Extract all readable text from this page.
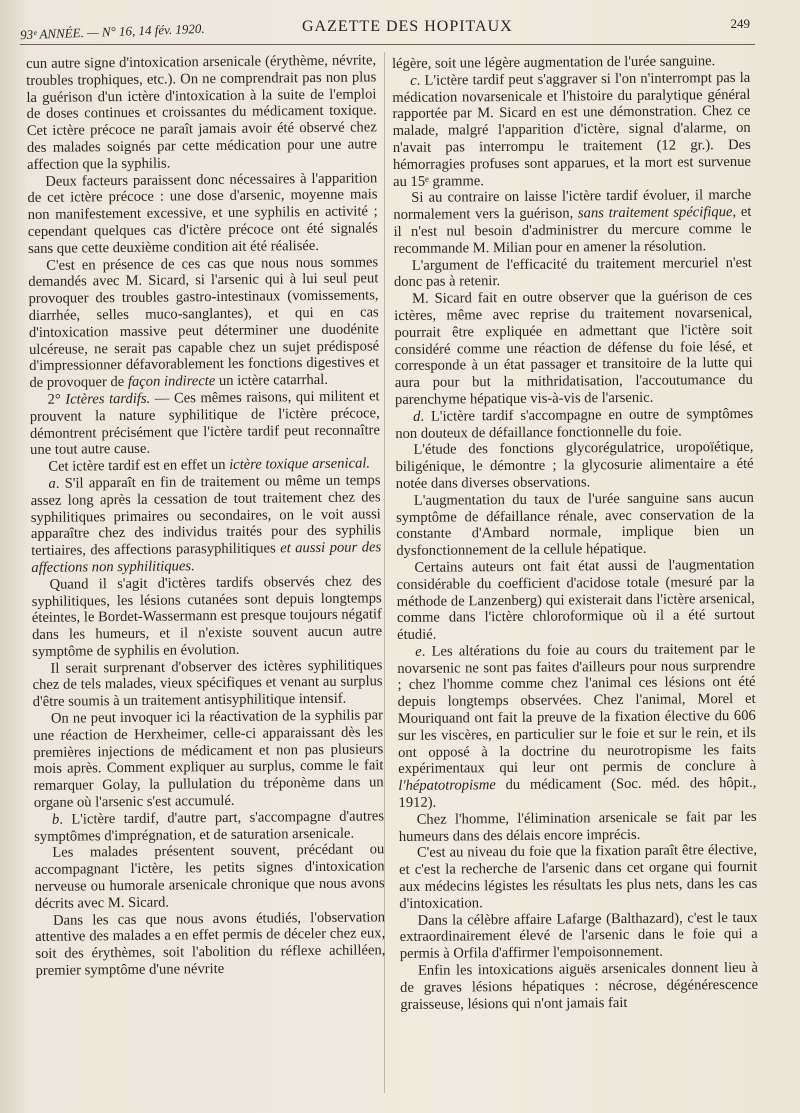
93ᵉ ANNÉE. — N° 16, 14 fév. 1920.	GAZETTE DES HOPITAUX	249

cun autre signe d'intoxication arsenicale (érythème, névrite, troubles trophiques, etc.). On ne comprendrait pas non plus la guérison d'un ictère d'intoxication à la suite de l'emploi de doses continues et croissantes du médicament toxique. Cet ictère précoce ne paraît jamais avoir été observé chez des malades soignés par cette médication pour une autre affection que la syphilis.

Deux facteurs paraissent donc nécessaires à l'apparition de cet ictère précoce : une dose d'arsenic, moyenne mais non manifestement excessive, et une syphilis en activité ; cependant quelques cas d'ictère précoce ont été signalés sans que cette deuxième condition ait été réalisée.

C'est en présence de ces cas que nous nous sommes demandés avec M. Sicard, si l'arsenic qui à lui seul peut provoquer des troubles gastro-intestinaux (vomissements, diarrhée, selles muco-sanglantes), et qui en cas d'intoxication massive peut déterminer une duodénite ulcéreuse, ne serait pas capable chez un sujet prédisposé d'impressionner défavorablement les fonctions digestives et de provoquer de façon indirecte un ictère catarrhal.

2° Ictères tardifs. — Ces mêmes raisons, qui militent et prouvent la nature syphilitique de l'ictère précoce, démontrent précisément que l'ictère tardif peut reconnaître une tout autre cause.

Cet ictère tardif est en effet un ictère toxique arsenical.

a. S'il apparaît en fin de traitement ou même un temps assez long après la cessation de tout traitement chez des syphilitiques primaires ou secondaires, on le voit aussi apparaître chez des individus traités pour des syphilis tertiaires, des affections parasyphilitiques et aussi pour des affections non syphilitiques.

Quand il s'agit d'ictères tardifs observés chez des syphilitiques, les lésions cutanées sont depuis longtemps éteintes, le Bordet-Wassermann est presque toujours négatif dans les humeurs, et il n'existe souvent aucun autre symptôme de syphilis en évolution.

Il serait surprenant d'observer des ictères syphilitiques chez de tels malades, vieux spécifiques et venant au surplus d'être soumis à un traitement antisyphilitique intensif.

On ne peut invoquer ici la réactivation de la syphilis par une réaction de Herxheimer, celle-ci apparaissant dès les premières injections de médicament et non pas plusieurs mois après. Comment expliquer au surplus, comme le fait remarquer Golay, la pullulation du tréponème dans un organe où l'arsenic s'est accumulé.

b. L'ictère tardif, d'autre part, s'accompagne d'autres symptômes d'imprégnation, et de saturation arsenicale.

Les malades présentent souvent, précédant ou accompagnant l'ictère, les petits signes d'intoxication nerveuse ou humorale arsenicale chronique que nous avons décrits avec M. Sicard.

Dans les cas que nous avons étudiés, l'observation attentive des malades a en effet permis de déceler chez eux, soit des érythèmes, soit l'abolition du réflexe achilléen, premier symptôme d'une névrite

légère, soit une légère augmentation de l'urée sanguine.

c. L'ictère tardif peut s'aggraver si l'on n'interrompt pas la médication novarsenicale et l'histoire du paralytique général rapportée par M. Sicard en est une démonstration. Chez ce malade, malgré l'apparition d'ictère, signal d'alarme, on n'avait pas interrompu le traitement (12 gr.). Des hémorragies profuses sont apparues, et la mort est survenue au 15ᵉ gramme.

Si au contraire on laisse l'ictère tardif évoluer, il marche normalement vers la guérison, sans traitement spécifique, et il n'est nul besoin d'administrer du mercure comme le recommande M. Milian pour en amener la résolution.

L'argument de l'efficacité du traitement mercuriel n'est donc pas à retenir.

M. Sicard fait en outre observer que la guérison de ces ictères, même avec reprise du traitement novarsenical, pourrait être expliquée en admettant que l'ictère soit considéré comme une réaction de défense du foie lésé, et corresponde à un état passager et transitoire de la lutte qui aura pour but la mithridatisation, l'accoutumance du parenchyme hépatique vis-à-vis de l'arsenic.

d. L'ictère tardif s'accompagne en outre de symptômes non douteux de défaillance fonctionnelle du foie.

L'étude des fonctions glycorégulatrice, uropoïétique, biligénique, le démontre ; la glycosurie alimentaire a été notée dans diverses observations.

L'augmentation du taux de l'urée sanguine sans aucun symptôme de défaillance rénale, avec conservation de la constante d'Ambard normale, implique bien un dysfonctionnement de la cellule hépatique.

Certains auteurs ont fait état aussi de l'augmentation considérable du coefficient d'acidose totale (mesuré par la méthode de Lanzenberg) qui existerait dans l'ictère arsenical, comme dans l'ictère chloroformique où il a été surtout étudié.

e. Les altérations du foie au cours du traitement par le novarsenic ne sont pas faites d'ailleurs pour nous surprendre ; chez l'homme comme chez l'animal ces lésions ont été depuis longtemps observées. Chez l'animal, Morel et Mouriquand ont fait la preuve de la fixation élective du 606 sur les viscères, en particulier sur le foie et sur le rein, et ils ont opposé à la doctrine du neurotropisme les faits expérimentaux qui leur ont permis de conclure à l'hépatotropisme du médicament (Soc. méd. des hôpit., 1912).

Chez l'homme, l'élimination arsenicale se fait par les humeurs dans des délais encore imprécis.

C'est au niveau du foie que la fixation paraît être élective, et c'est la recherche de l'arsenic dans cet organe qui fournit aux médecins légistes les résultats les plus nets, dans les cas d'intoxication.

Dans la célèbre affaire Lafarge (Balthazard), c'est le taux extraordinairement élevé de l'arsenic dans le foie qui a permis à Orfila d'affirmer l'empoisonnement.

Enfin les intoxications aiguës arsenicales donnent lieu à de graves lésions hépatiques : nécrose, dégénérescence graisseuse, lésions qui n'ont jamais fait
